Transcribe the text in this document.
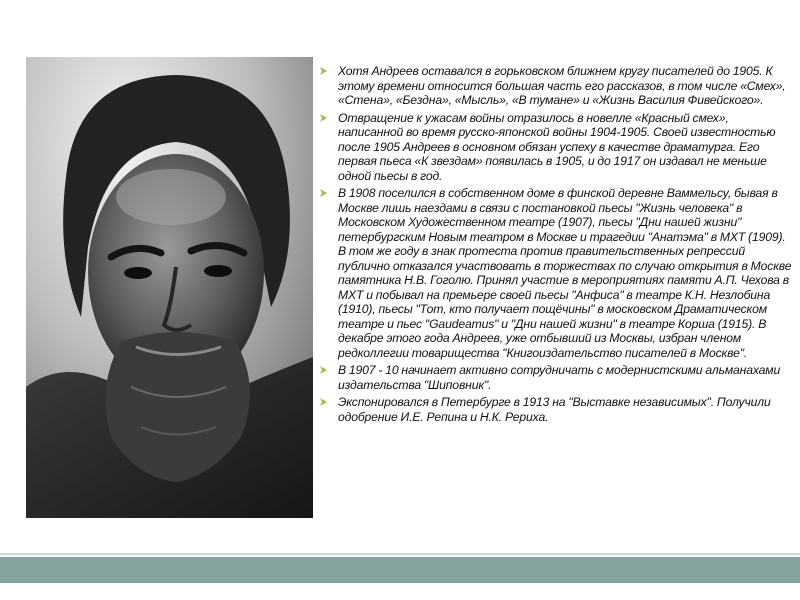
Хотя Андреев оставался в горьковском ближнем кругу писателей до 1905. К этому времени относится большая часть его рассказов, в том числе «Смех», «Стена», «Бездна», «Мысль», «В тумане» и «Жизнь Василия Фивейского».
Отвращение к ужасам войны отразилось в новелле «Красный смех», написанной во время русско-японской войны 1904-1905. Своей известностью после 1905 Андреев в основном обязан успеху в качестве драматурга. Его первая пьеса «К звездам» появилась в 1905, и до 1917 он издавал не меньше одной пьесы в год.
В 1908 поселился в собственном доме в финской деревне Ваммельсу, бывая в Москве лишь наездами в связи с постановкой пьесы "Жизнь человека" в Московском Художественном театре (1907), пьесы "Дни нашей жизни" петербургским Новым театром в Москве и трагедии "Анатэма" в МХТ (1909). В том же году в знак протеста против правительственных репрессий публично отказался участвовать в торжествах по случаю открытия в Москве памятника Н.В. Гоголю. Принял участие в мероприятиях памяти А.П. Чехова в МХТ и побывал на премьере своей пьесы "Анфиса" в театре К.Н. Незлобина (1910), пьесы "Тот, кто получает пощёчины" в московском Драматическом театре и пьес "Gaudeamus" и "Дни нашей жизни" в театре Корша (1915). В декабре этого года Андреев, уже отбывший из Москвы, избран членом редколлегии товарищества "Книгоиздательство писателей в Москве".
В 1907 - 10 начинает активно сотрудничать с модернистскими альманахами издательства "Шиповник".
Экспонировался в Петербурге в 1913 на "Выставке независимых". Получили одобрение И.Е. Репина и Н.К. Рериха.
